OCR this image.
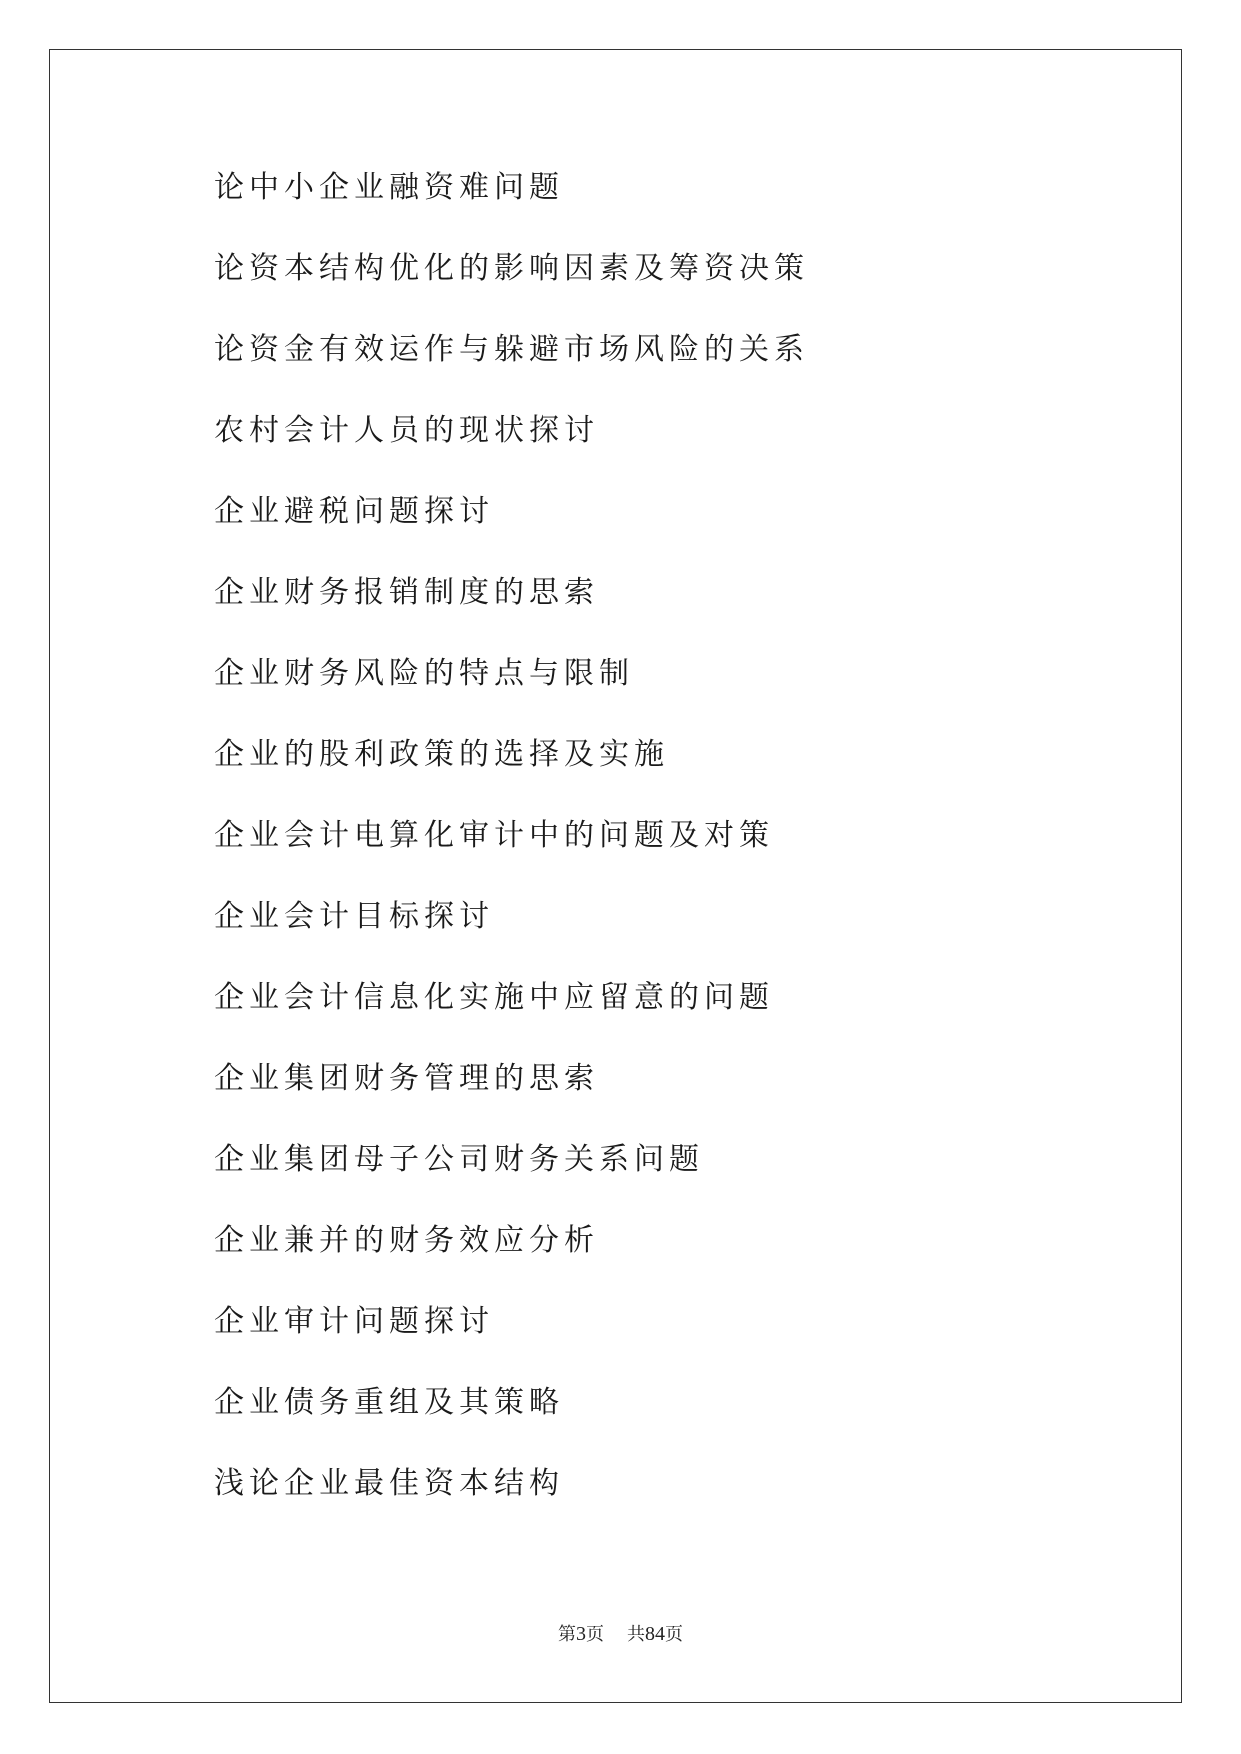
论中小企业融资难问题
论资本结构优化的影响因素及筹资决策
论资金有效运作与躲避市场风险的关系
农村会计人员的现状探讨
企业避税问题探讨
企业财务报销制度的思索
企业财务风险的特点与限制
企业的股利政策的选择及实施
企业会计电算化审计中的问题及对策
企业会计目标探讨
企业会计信息化实施中应留意的问题
企业集团财务管理的思索
企业集团母子公司财务关系问题
企业兼并的财务效应分析
企业审计问题探讨
企业债务重组及其策略
浅论企业最佳资本结构
第3页 共84页
